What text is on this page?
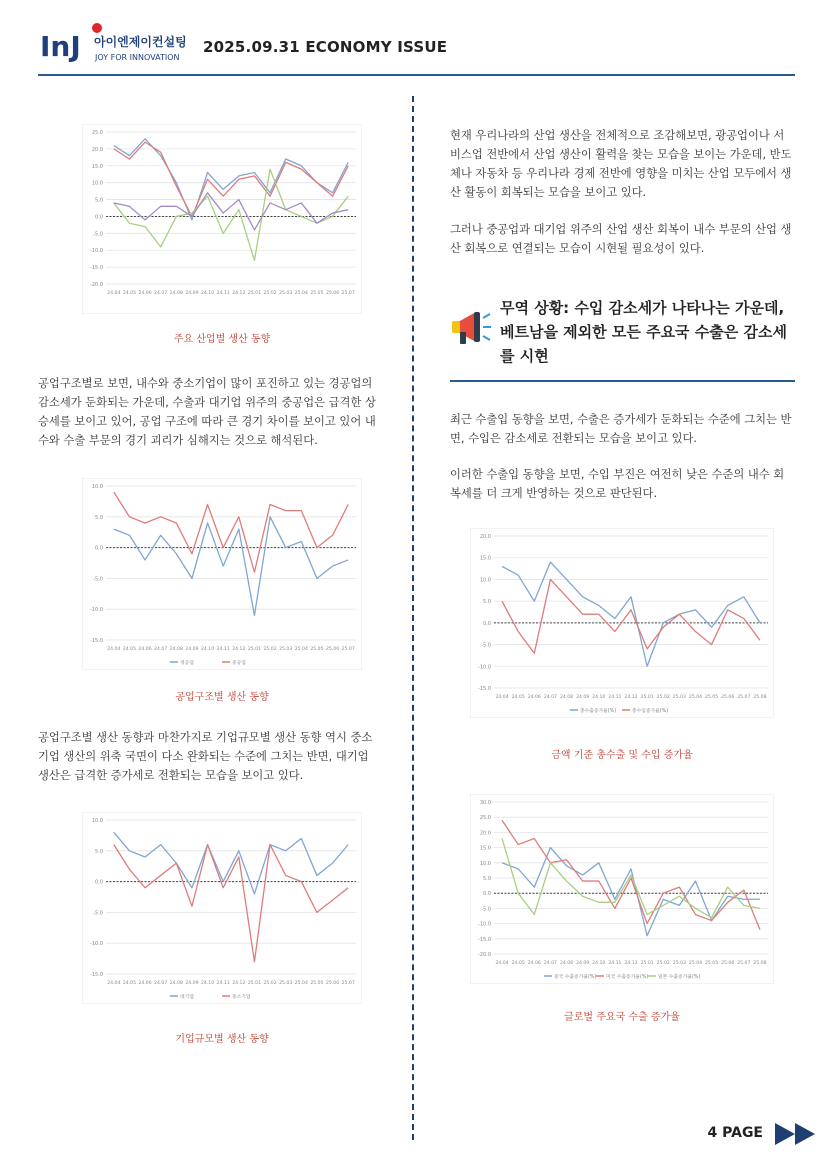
InJ 아이엔제이컨설팅
JOY FOR INNOVATION
2025.09.31 ECONOMY ISSUE
25.0
20.0
15.0
10.0
5.0
0.0
-5.0
-10.0
-15.0
-20.0
24.04 24.05 24.06 24.07 24.08 24.09 24.10 24.11 24.12 25.01 25.02 25.03 25.04 25.05 25.06 25.07
주요 산업별 생산 동향
공업구조별로 보면, 내수와 중소기업이 많이 포진하고 있는 경공업의 감소세가 둔화되는 가운데, 수출과 대기업 위주의 중공업은 급격한 상승세를 보이고 있어, 공업 구조에 따라 큰 경기 차이를 보이고 있어 내수와 수출 부문의 경기 괴리가 심해지는 것으로 해석된다.
10.0
5.0
0.0
-5.0
-10.0
-15.0
24.04 24.05 24.06 24.07 24.08 24.09 24.10 24.11 24.12 25.01 25.02 25.03 25.04 25.05 25.06 25.07
경공업	중공업
공업구조별 생산 동향
공업구조별 생산 동향과 마찬가지로 기업규모별 생산 동향 역시 중소기업 생산의 위축 국면이 다소 완화되는 수준에 그치는 반면, 대기업 생산은 급격한 증가세로 전환되는 모습을 보이고 있다.
10.0
5.0
0.0
-5.0
-10.0
-15.0
24.04 24.05 24.06 24.07 24.08 24.09 24.10 24.11 24.12 25.01 25.02 25.03 25.04 25.05 25.06 25.07
대기업	중소기업
기업규모별 생산 동향
현재 우리나라의 산업 생산을 전체적으로 조감해보면, 광공업이나 서비스업 전반에서 산업 생산이 활력을 찾는 모습을 보이는 가운데, 반도체나 자동차 등 우리나라 경제 전반에 영향을 미치는 산업 모두에서 생산 활동이 회복되는 모습을 보이고 있다.
그러나 중공업과 대기업 위주의 산업 생산 회복이 내수 부문의 산업 생산 회복으로 연결되는 모습이 시현될 필요성이 있다.
무역 상황: 수입 감소세가 나타나는 가운데, 베트남을 제외한 모든 주요국 수출은 감소세를 시현
최근 수출입 동향을 보면, 수출은 증가세가 둔화되는 수준에 그치는 반면, 수입은 감소세로 전환되는 모습을 보이고 있다.
이러한 수출입 동향을 보면, 수입 부진은 여전히 낮은 수준의 내수 회복세를 더 크게 반영하는 것으로 판단된다.
20.0
15.0
10.0
5.0
0.0
-5.0
-10.0
-15.0
24.04 24.05 24.06 24.07 24.08 24.09 24.10 24.11 24.12 25.01 25.02 25.03 25.04 25.05 25.06 25.07 25.08
총수출증가율(%)	총수입증가율(%)
금액 기준 총수출 및 수입 증가율
30.0
25.0
20.0
15.0
10.0
5.0
0.0
-5.0
-10.0
-15.0
-20.0
24.04 24.05 24.06 24.07 24.08 24.09 24.10 24.11 24.12 25.01 25.02 25.03 25.04 25.05 25.06 25.07 25.08
중국 수출증가율(%) 미국 수출증가율(%) 일본 수출증가율(%)
글로벌 주요국 수출 증가율
4 PAGE
